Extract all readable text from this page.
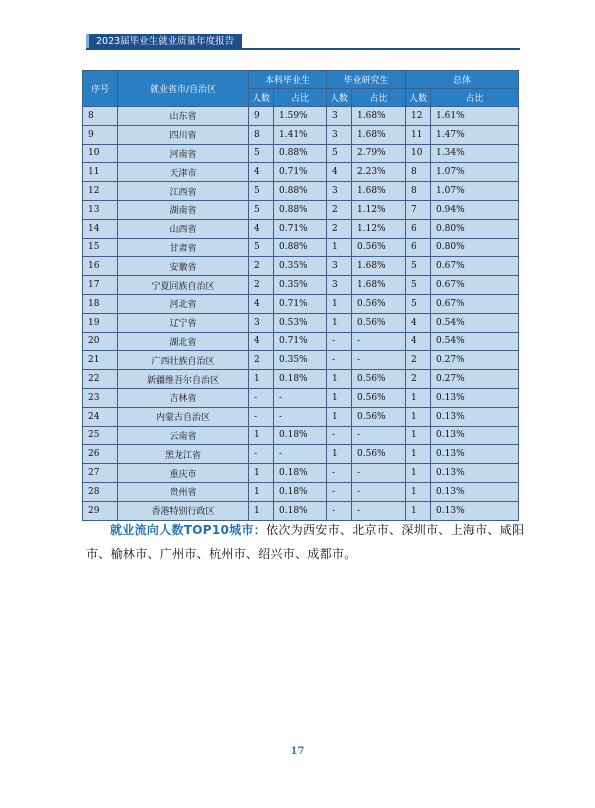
2023届毕业生就业质量年度报告
序号	就业省市/自治区	本科毕业生		毕业研究生		总体	
		人数	占比	人数	占比	人数	占比
8	山东省	9	1.59%	3	1.68%	12	1.61%
9	四川省	8	1.41%	3	1.68%	11	1.47%
10	河南省	5	0.88%	5	2.79%	10	1.34%
11	天津市	4	0.71%	4	2.23%	8	1.07%
12	江西省	5	0.88%	3	1.68%	8	1.07%
13	湖南省	5	0.88%	2	1.12%	7	0.94%
14	山西省	4	0.71%	2	1.12%	6	0.80%
15	甘肃省	5	0.88%	1	0.56%	6	0.80%
16	安徽省	2	0.35%	3	1.68%	5	0.67%
17	宁夏回族自治区	2	0.35%	3	1.68%	5	0.67%
18	河北省	4	0.71%	1	0.56%	5	0.67%
19	辽宁省	3	0.53%	1	0.56%	4	0.54%
20	湖北省	4	0.71%	-	-	4	0.54%
21	广西壮族自治区	2	0.35%	-	-	2	0.27%
22	新疆维吾尔自治区	1	0.18%	1	0.56%	2	0.27%
23	吉林省	-	-	1	0.56%	1	0.13%
24	内蒙古自治区	-	-	1	0.56%	1	0.13%
25	云南省	1	0.18%	-	-	1	0.13%
26	黑龙江省	-	-	1	0.56%	1	0.13%
27	重庆市	1	0.18%	-	-	1	0.13%
28	贵州省	1	0.18%	-	-	1	0.13%
29	香港特别行政区	1	0.18%	-	-	1	0.13%

就业流向人数TOP10城市：依次为西安市、北京市、深圳市、上海市、咸阳市、榆林市、广州市、杭州市、绍兴市、成都市。

17
